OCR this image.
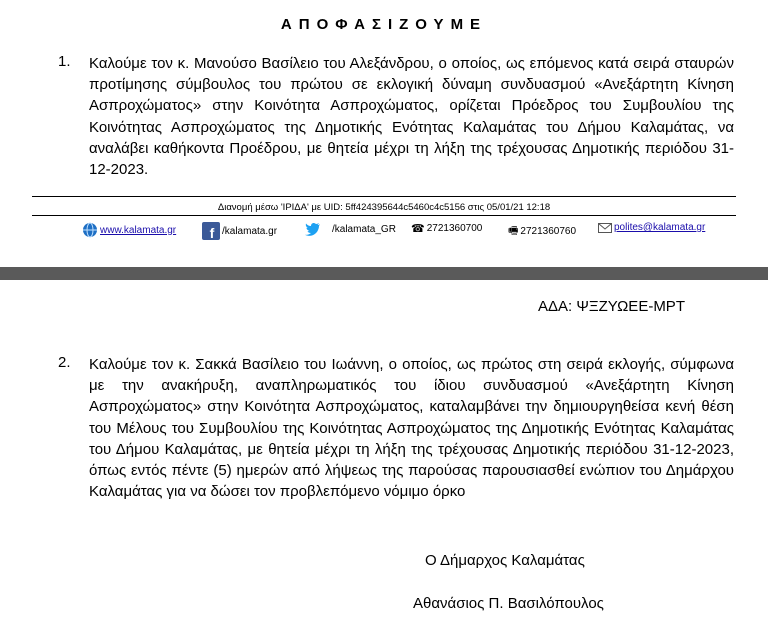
ΑΠΟΦΑΣΙΖΟΥΜΕ
1. Καλούμε τον κ. Μανούσο Βασίλειο του Αλεξάνδρου, ο οποίος, ως επόμενος κατά σειρά σταυρών προτίμησης σύμβουλος του πρώτου σε εκλογική δύναμη συνδυασμού «Ανεξάρτητη Κίνηση Ασπροχώματος» στην Κοινότητα Ασπροχώματος, ορίζεται Πρόεδρος του Συμβουλίου της Κοινότητας Ασπροχώματος της Δημοτικής Ενότητας Καλαμάτας του Δήμου Καλαμάτας, να αναλάβει καθήκοντα Προέδρου, με θητεία μέχρι τη λήξη της τρέχουσας Δημοτικής περιόδου 31-12-2023.
Διανομή μέσω 'ΙΡΙΔΑ' με UID: 5ff424395644c5460c4c5156 στις 05/01/21 12:18
www.kalamata.gr f /kalamata.gr	/kalamata_GR ☎ 2721360700 🖷 2721360760	polites@kalamata.gr
ΑΔΑ: ΨΞΖΥΩΕΕ-ΜΡΤ
2. Καλούμε τον κ. Σακκά Βασίλειο του Ιωάννη, ο οποίος, ως πρώτος στη σειρά εκλογής, σύμφωνα με την ανακήρυξη, αναπληρωματικός του ίδιου συνδυασμού «Ανεξάρτητη Κίνηση Ασπροχώματος» στην Κοινότητα Ασπροχώματος, καταλαμβάνει την δημιουργηθείσα κενή θέση του Μέλους του Συμβουλίου της Κοινότητας Ασπροχώματος της Δημοτικής Ενότητας Καλαμάτας του Δήμου Καλαμάτας, με θητεία μέχρι τη λήξη της τρέχουσας Δημοτικής περιόδου 31-12-2023, όπως εντός πέντε (5) ημερών από λήψεως της παρούσας παρουσιασθεί ενώπιον του Δημάρχου Καλαμάτας για να δώσει τον προβλεπόμενο νόμιμο όρκο
Ο Δήμαρχος Καλαμάτας
Αθανάσιος Π. Βασιλόπουλος
